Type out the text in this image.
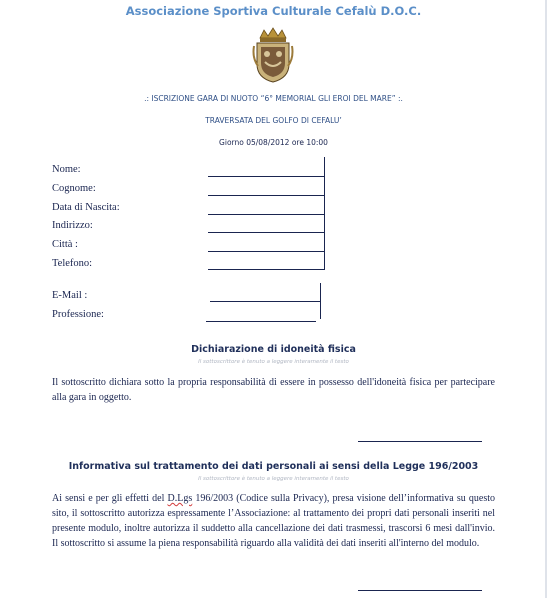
Associazione Sportiva Culturale Cefalù D.O.C.
.: ISCRIZIONE GARA DI NUOTO “6° MEMORIAL GLI EROI DEL MARE” :.
TRAVERSATA DEL GOLFO DI CEFALU’
Giorno 05/08/2012 ore 10:00
Nome:
Cognome:
Data di Nascita:
Indirizzo:
Città :
Telefono:
E-Mail :
Professione:
Dichiarazione di idoneità fisica
Il sottoscrittore è tenuto a leggere interamente il testo
Il sottoscritto dichiara sotto la propria responsabilità di essere in possesso dell'idoneità fisica per partecipare alla gara in oggetto.
Informativa sul trattamento dei dati personali ai sensi della Legge 196/2003
Il sottoscrittore è tenuto a leggere interamente il testo
Ai sensi e per gli effetti del D.Lgs 196/2003 (Codice sulla Privacy), presa visione dell’informativa su questo sito, il sottoscritto autorizza espressamente l’Associazione: al trattamento dei propri dati personali inseriti nel presente modulo, inoltre autorizza il suddetto alla cancellazione dei dati trasmessi, trascorsi 6 mesi dall'invio. Il sottoscritto si assume la piena responsabilità riguardo alla validità dei dati inseriti all'interno del modulo.
